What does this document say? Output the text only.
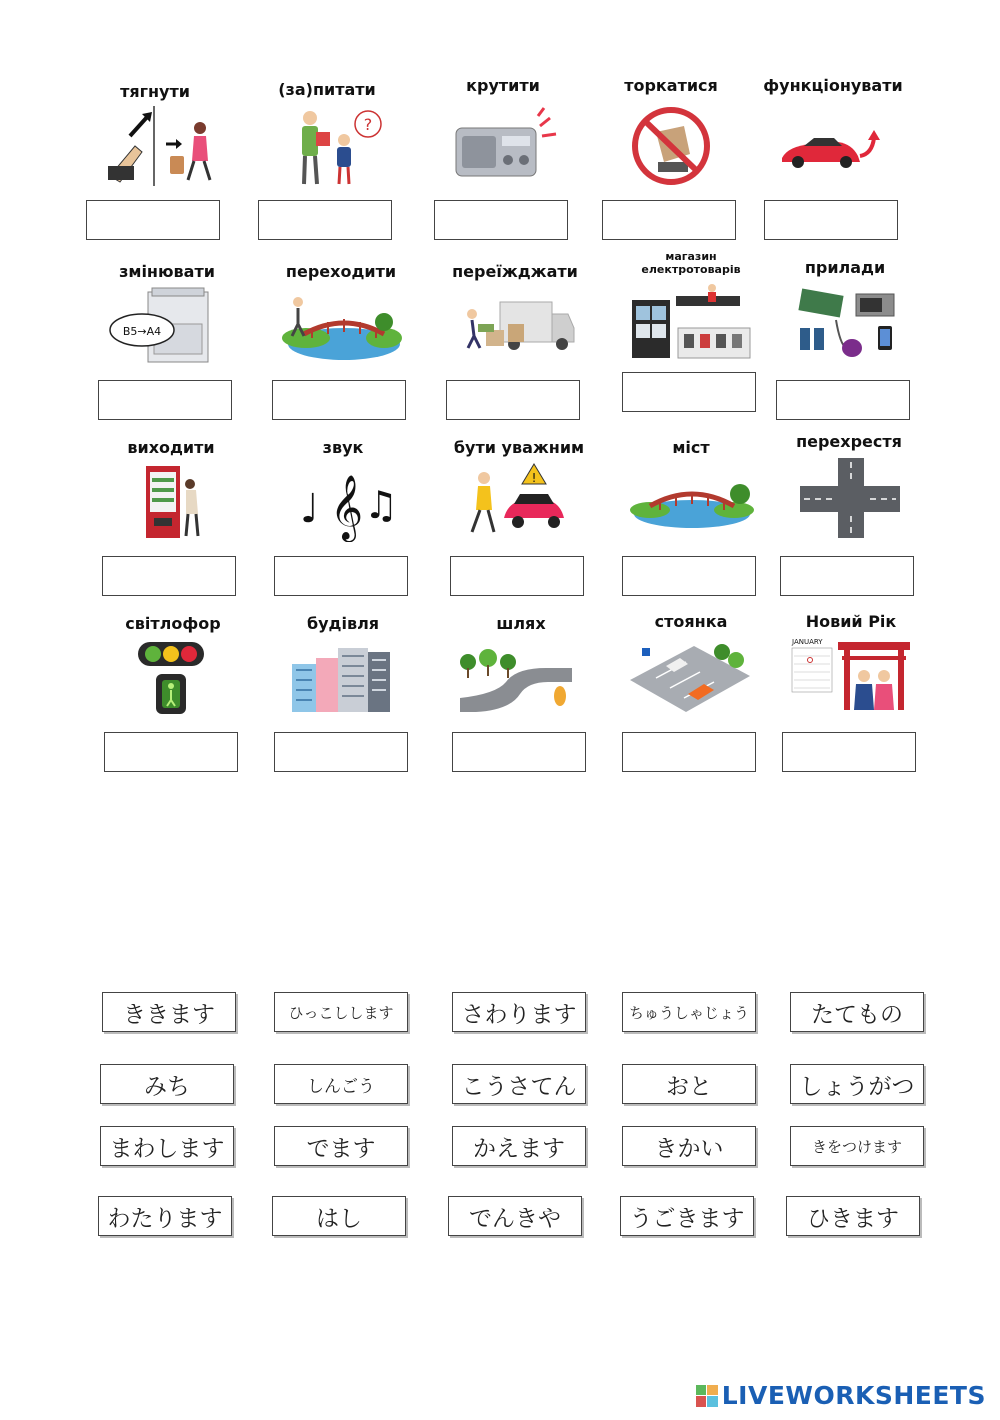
тягнути	(за)питати
?
крутити	торкатися	функціонувати
змінювати
B5→A4
переходити	переїжджати
магазин
електротоварів	прилади
виходити	звук
♩ 𝄞 ♫
бути уважним
!
міст	перехрестя
світлофор	будівля	шлях	стоянка	Новий Рік
JANUARY
ききます	ひっこしします	さわります	ちゅうしゃじょう	たてもの
みち	しんごう	こうさてん	おと	しょうがつ
まわします	でます	かえます	きかい	きをつけます
わたります	はし	でんきや	うごきます	ひきます
LIVEWORKSHEETS
